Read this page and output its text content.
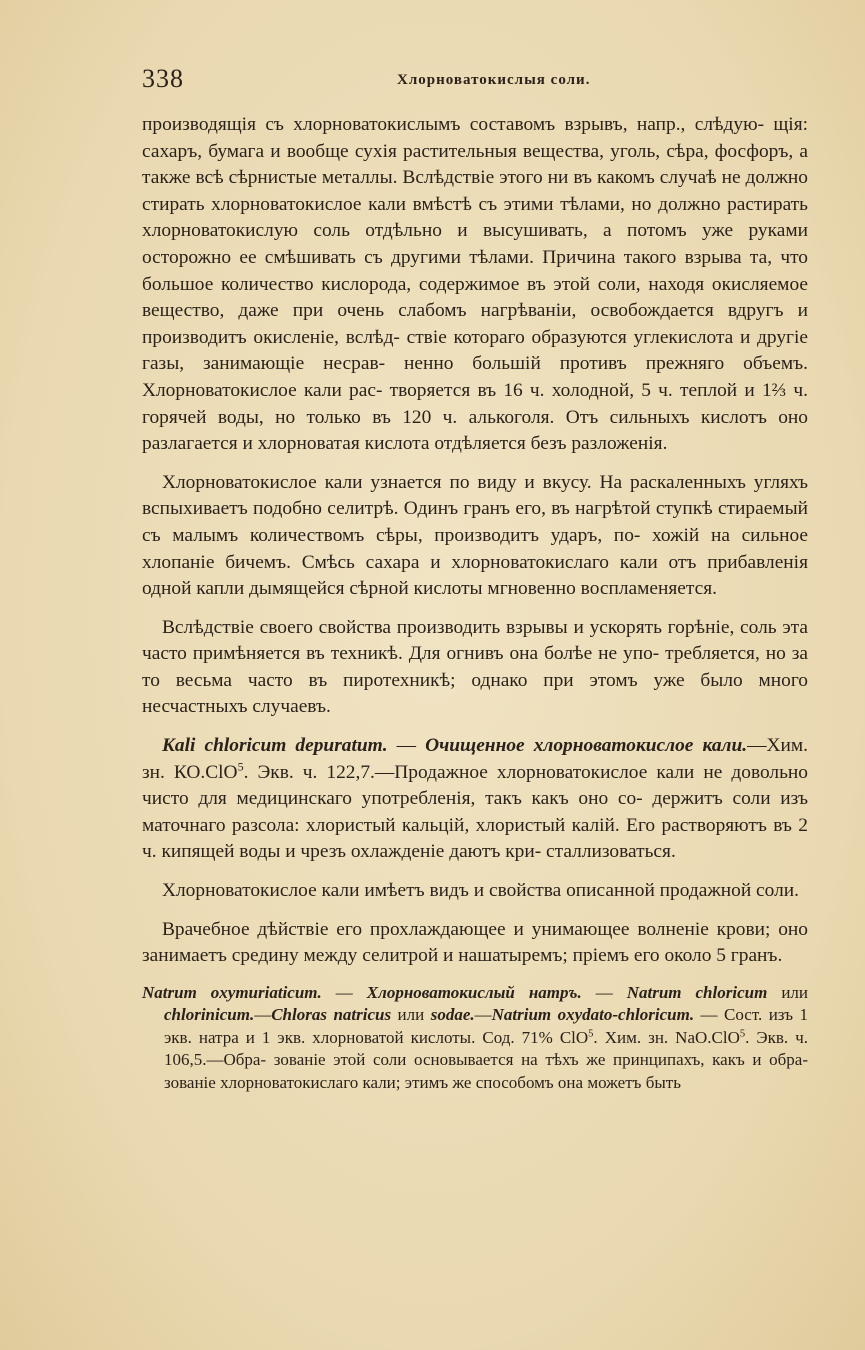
338	Хлорноватокислыя соли.

производящія съ хлорноватокислымъ составомъ взрывъ, напр., слѣдую- щія: сахаръ, бумага и вообще сухія растительныя вещества, уголь, сѣра, фосфоръ, а также всѣ сѣрнистые металлы. Вслѣдствіе этого ни въ какомъ случаѣ не должно стирать хлорноватокислое кали вмѣстѣ съ этими тѣлами, но должно растирать хлорноватокислую соль отдѣльно и высушивать, а потомъ уже руками осторожно ее смѣшивать съ другими тѣлами. Причина такого взрыва та, что большое количество кислорода, содержимое въ этой соли, находя окисляемое вещество, даже при очень слабомъ нагрѣваніи, освобождается вдругъ и производитъ окисленіе, вслѣд- ствіе котораго образуются углекислота и другіе газы, занимающіе несрав- ненно большій противъ прежняго объемъ. Хлорноватокислое кали рас- творяется въ 16 ч. холодной, 5 ч. теплой и 1⅔ ч. горячей воды, но только въ 120 ч. алькоголя. Отъ сильныхъ кислотъ оно разлагается и хлорноватая кислота отдѣляется безъ разложенія.

Хлорноватокислое кали узнается по виду и вкусу. На раскаленныхъ угляхъ вспыхиваетъ подобно селитрѣ. Одинъ гранъ его, въ нагрѣтой ступкѣ стираемый съ малымъ количествомъ сѣры, производитъ ударъ, по- хожій на сильное хлопаніе бичемъ. Смѣсь сахара и хлорноватокислаго кали отъ прибавленія одной капли дымящейся сѣрной кислоты мгновенно воспламеняется.

Вслѣдствіе своего свойства производить взрывы и ускорять горѣніе, соль эта часто примѣняется въ техникѣ. Для огнивъ она болѣе не упо- требляется, но за то весьма часто въ пиротехникѣ; однако при этомъ уже было много несчастныхъ случаевъ.

Kali chloricum depuratum. — Очищенное хлорноватокислое кали.—Хим. зн. КО.СlО$^5$. Экв. ч. 122,7.—Продажное хлорноватокислое кали не довольно чисто для медицинскаго употребленія, такъ какъ оно со- держитъ соли изъ маточнаго разсола: хлористый кальцій, хлористый калій. Его растворяютъ въ 2 ч. кипящей воды и чрезъ охлажденіе даютъ кри- сталлизоваться.

Хлорноватокислое кали имѣетъ видъ и свойства описанной продажной соли.

Врачебное дѣйствіе его прохлаждающее и унимающее волненіе крови; оно занимаетъ средину между селитрой и нашатыремъ; пріемъ его около 5 гранъ.

Natrum oxymuriaticum. — Хлорноватокислый натръ. — Natrum chloricum или chlorinicum.—Chloras natricus или sodae.—Natrium oxydato-chloricum. — Сост. изъ 1 экв. натра и 1 экв. хлорноватой кислоты. Сод. 71% СlО$^5$. Хим. зн. NaO.СlО$^5$. Экв. ч. 106,5.—Обра- зованіе этой соли основывается на тѣхъ же принципахъ, какъ и обра- зованіе хлорноватокислаго кали; этимъ же способомъ она можетъ быть
